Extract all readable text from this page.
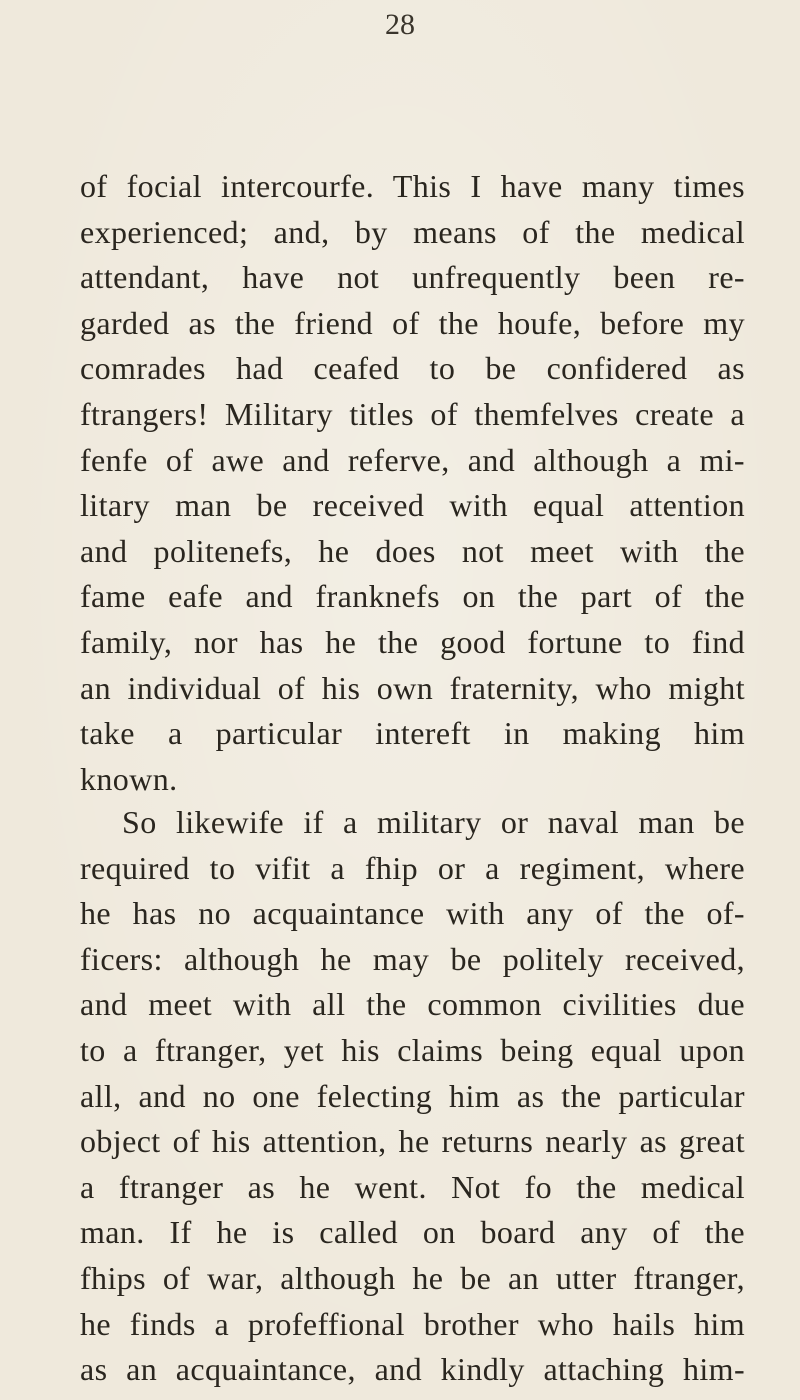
28
of focial intercourfe. This I have many times
experienced; and, by means of the medical
attendant, have not unfrequently been re-
garded as the friend of the houfe, before my
comrades had ceafed to be confidered as
ftrangers! Military titles of themfelves create a
fenfe of awe and referve, and although a mi-
litary man be received with equal attention
and politenefs, he does not meet with the
fame eafe and franknefs on the part of the
family, nor has he the good fortune to find
an individual of his own fraternity, who might
take a particular intereft in making him
known.
So likewife if a military or naval man be
required to vifit a fhip or a regiment, where
he has no acquaintance with any of the of-
ficers: although he may be politely received,
and meet with all the common civilities due
to a ftranger, yet his claims being equal upon
all, and no one felecting him as the particular
object of his attention, he returns nearly as great
a ftranger as he went. Not fo the medical
man. If he is called on board any of the
fhips of war, although he be an utter ftranger,
he finds a profeffional brother who hails him
as an acquaintance, and kindly attaching him-
